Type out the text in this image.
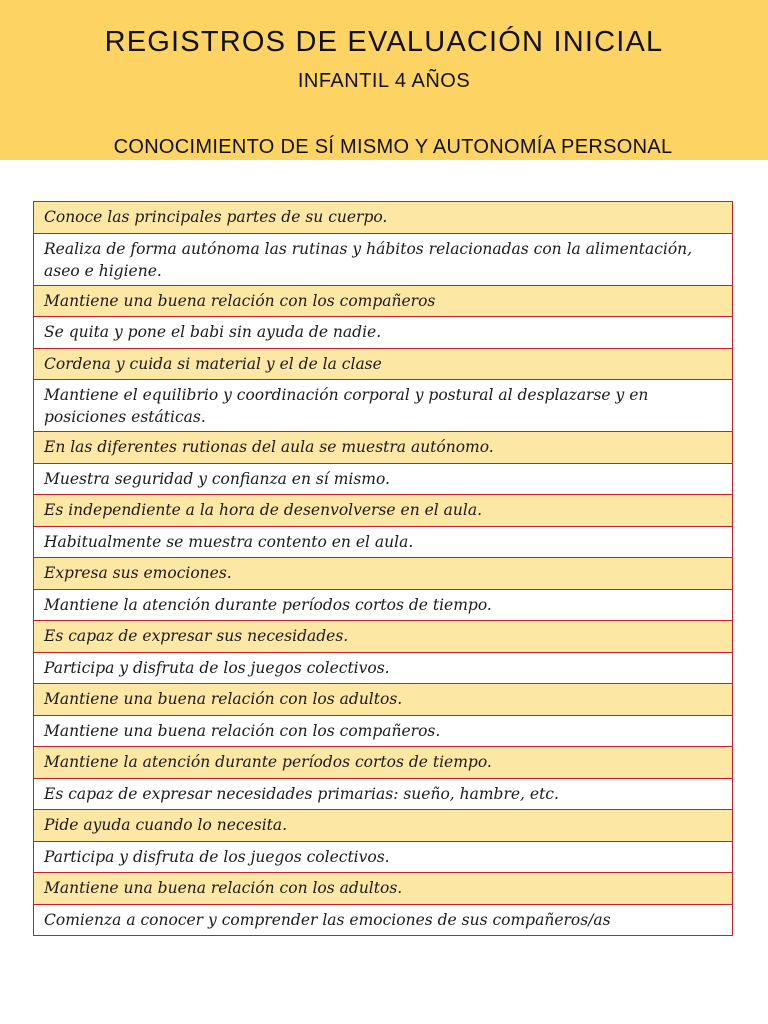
REGISTROS DE EVALUACIÓN INICIAL
INFANTIL 4 AÑOS
CONOCIMIENTO DE SÍ MISMO Y AUTONOMÍA PERSONAL
Conoce las principales partes de su cuerpo.
Realiza de forma autónoma las rutinas y hábitos relacionadas con la alimentación, aseo e higiene.
Mantiene una buena relación con los compañeros
Se quita y pone el babi sin ayuda de nadie.
Cordena y cuida si material y el de la clase
Mantiene el equilibrio y coordinación corporal y postural al desplazarse y en posiciones estáticas.
En las diferentes rutionas del aula se muestra autónomo.
Muestra seguridad y confianza en sí mismo.
Es independiente a la hora de desenvolverse en el aula.
Habitualmente se muestra contento en el aula.
Expresa sus emociones.
Mantiene la atención durante períodos cortos de tiempo.
Es capaz de expresar sus necesidades.
Participa y disfruta de los juegos colectivos.
Mantiene una buena relación con los adultos.
Mantiene una buena relación con los compañeros.
Mantiene la atención durante períodos cortos de tiempo.
Es capaz de expresar necesidades primarias: sueño, hambre, etc.
Pide ayuda cuando lo necesita.
Participa y disfruta de los juegos colectivos.
Mantiene una buena relación con los adultos.
Comienza a conocer y comprender las emociones de sus compañeros/as
